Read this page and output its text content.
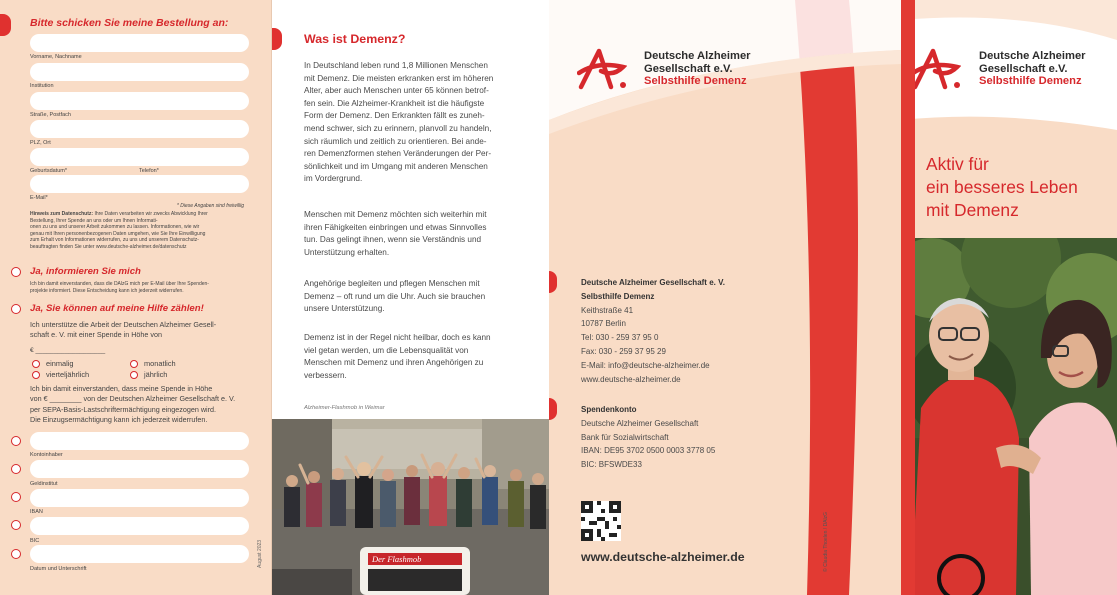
Bitte schicken Sie meine Bestellung an:
Vorname, Nachname
Institution
Straße, Postfach
PLZ, Ort
Geburtsdatum*	Telefon*
E-Mail*
* Diese Angaben sind freiwillig
Hinweis zum Datenschutz: Ihre Daten verarbeiten wir zwecks Abwicklung Ihrer
Bestellung, Ihrer Spende an uns oder um Ihnen Informati-
onen zu uns und unserer Arbeit zukommen zu lassen. Informationen, wie wir
genau mit Ihren personenbezogenen Daten umgehen, wie Sie Ihre Einwilligung
zum Erhalt von Informationen widerrufen, zu uns und unserem Datenschutz-
beauftragten finden Sie unter www.deutsche-alzheimer.de/datenschutz
Ja, informieren Sie mich
Ich bin damit einverstanden, dass die DAlzG mich per E-Mail über Ihre Spenden-
projekte informiert. Diese Entscheidung kann ich jederzeit widerrufen.
Ja, Sie können auf meine Hilfe zählen!
Ich unterstütze die Arbeit der Deutschen Alzheimer Gesell-
schaft e. V. mit einer Spende in Höhe von
€ ___________________
einmalig	monatlich
vierteljährlich	jährlich
Ich bin damit einverstanden, dass meine Spende in Höhe
von € ________ von der Deutschen Alzheimer Gesellschaft e. V.
per SEPA-Basis-Lastschriftermächtigung eingezogen wird.
Die Einzugsermächtigung kann ich jederzeit widerrufen.
Kontoinhaber
Geldinstitut
IBAN
BIC
Datum und Unterschrift
August 2023
Was ist Demenz?
In Deutschland leben rund 1,8 Millionen Menschen
mit Demenz. Die meisten erkranken erst im höheren
Alter, aber auch Menschen unter 65 können betrof-
fen sein. Die Alzheimer-Krankheit ist die häufigste
Form der Demenz. Den Erkrankten fällt es zuneh-
mend schwer, sich zu erinnern, planvoll zu handeln,
sich räumlich und zeitlich zu orientieren. Bei ande-
ren Demenzformen stehen Veränderungen der Per-
sönlichkeit und im Umgang mit anderen Menschen
im Vordergrund.
Menschen mit Demenz möchten sich weiterhin mit
ihren Fähigkeiten einbringen und etwas Sinnvolles
tun. Das gelingt ihnen, wenn sie Verständnis und
Unterstützung erhalten.
Angehörige begleiten und pflegen Menschen mit
Demenz – oft rund um die Uhr. Auch sie brauchen
unsere Unterstützung.
Demenz ist in der Regel nicht heilbar, doch es kann
viel getan werden, um die Lebensqualität von
Menschen mit Demenz und ihren Angehörigen zu
verbessern.
Alzheimer-Flashmob in Weimar
Der Flashmob
Deutsche Alzheimer
Gesellschaft e.V.
Selbsthilfe Demenz
Deutsche Alzheimer Gesellschaft e. V.
Selbsthilfe Demenz
Keithstraße 41
10787 Berlin
Tel: 030 - 259 37 95 0
Fax: 030 - 259 37 95 29
E-Mail: info@deutsche-alzheimer.de
www.deutsche-alzheimer.de
Spendenkonto
Deutsche Alzheimer Gesellschaft
Bank für Sozialwirtschaft
IBAN: DE95 3702 0500 0003 3778 05
BIC: BFSWDE33
www.deutsche-alzheimer.de	© Claudia Thoelen / DAlzG
Deutsche Alzheimer
Gesellschaft e.V.
Selbsthilfe Demenz
Aktiv für
ein besseres Leben
mit Demenz
